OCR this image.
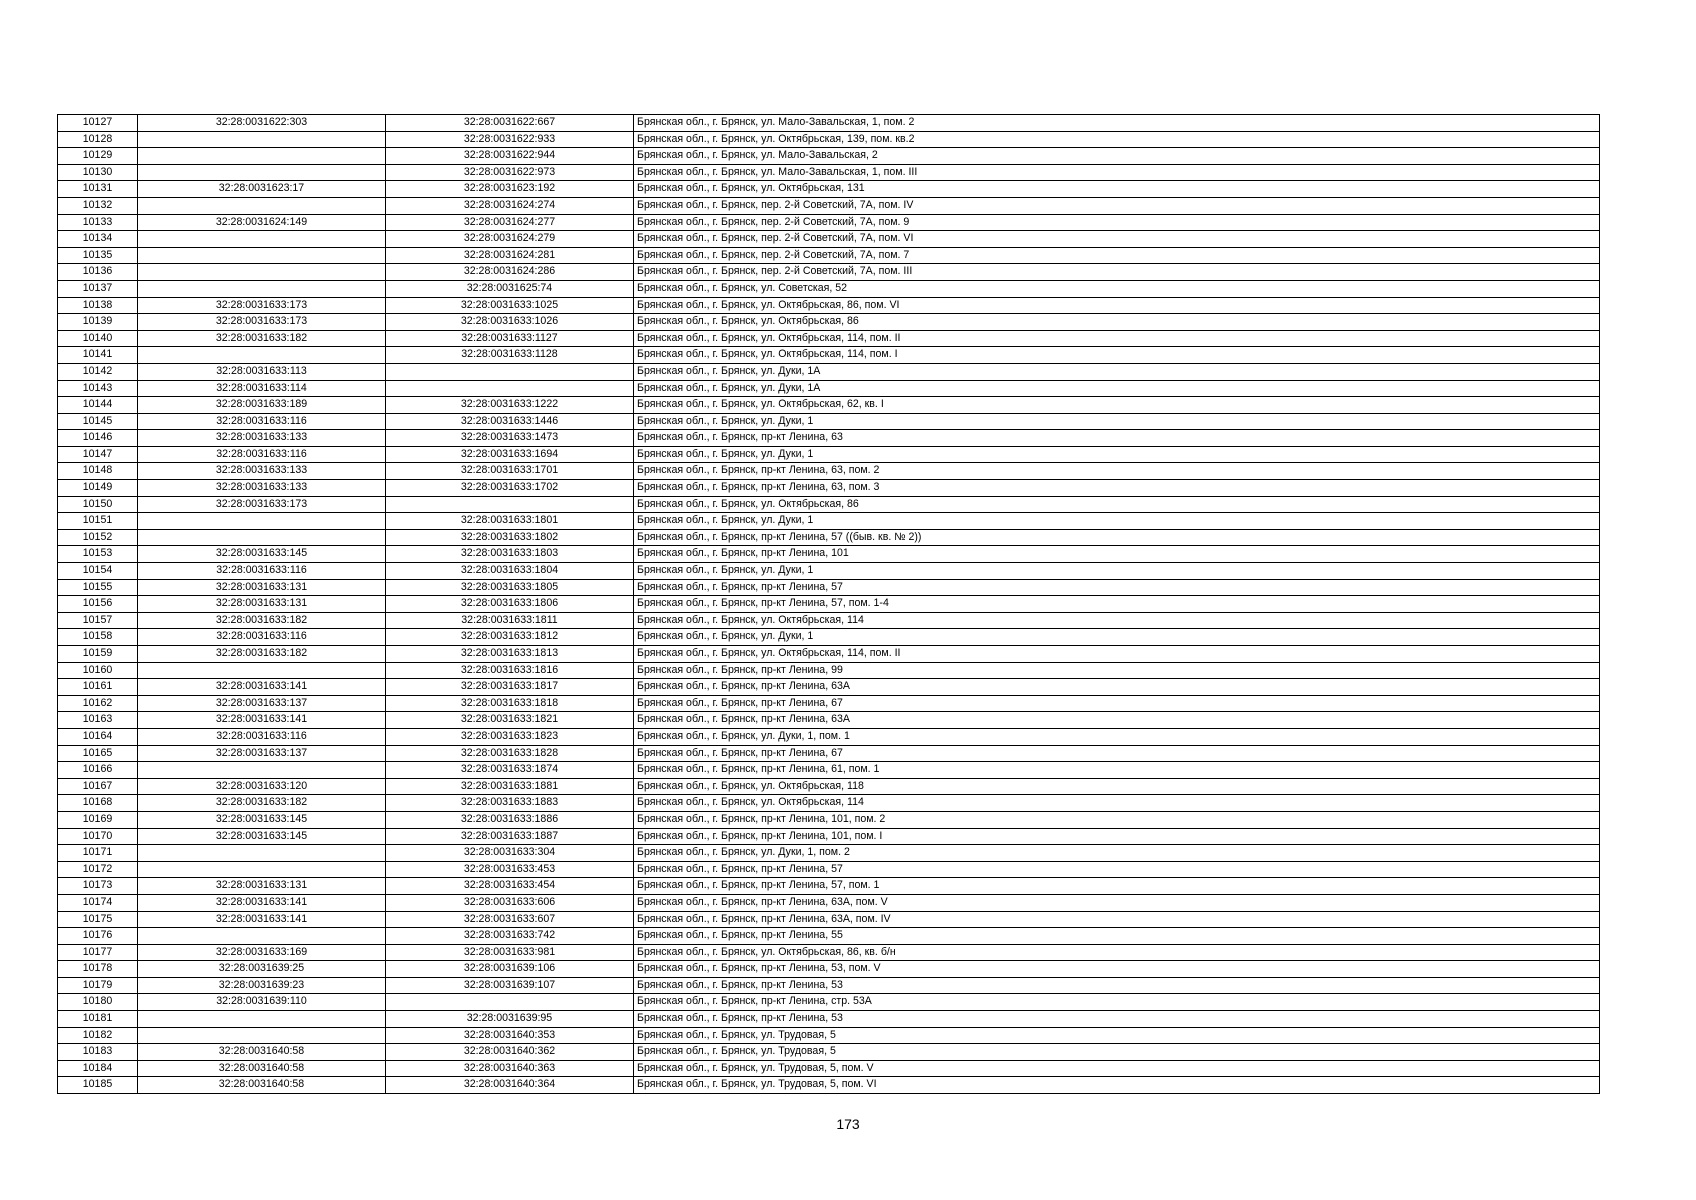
10127	32:28:0031622:303	32:28:0031622:667	Брянская обл., г. Брянск, ул. Мало-Завальская, 1, пом. 2
10128		32:28:0031622:933	Брянская обл., г. Брянск, ул. Октябрьская, 139, пом. кв.2
10129		32:28:0031622:944	Брянская обл., г. Брянск, ул. Мало-Завальская, 2
10130		32:28:0031622:973	Брянская обл., г. Брянск, ул. Мало-Завальская, 1, пом. III
10131	32:28:0031623:17	32:28:0031623:192	Брянская обл., г. Брянск, ул. Октябрьская, 131
10132		32:28:0031624:274	Брянская обл., г. Брянск, пер. 2-й Советский, 7А, пом. IV
10133	32:28:0031624:149	32:28:0031624:277	Брянская обл., г. Брянск, пер. 2-й Советский, 7А, пом. 9
10134		32:28:0031624:279	Брянская обл., г. Брянск, пер. 2-й Советский, 7А, пом. VI
10135		32:28:0031624:281	Брянская обл., г. Брянск, пер. 2-й Советский, 7А, пом. 7
10136		32:28:0031624:286	Брянская обл., г. Брянск, пер. 2-й Советский, 7А, пом. III
10137		32:28:0031625:74	Брянская обл., г. Брянск, ул. Советская, 52
10138	32:28:0031633:173	32:28:0031633:1025	Брянская обл., г. Брянск, ул. Октябрьская, 86, пом. VI
10139	32:28:0031633:173	32:28:0031633:1026	Брянская обл., г. Брянск, ул. Октябрьская, 86
10140	32:28:0031633:182	32:28:0031633:1127	Брянская обл., г. Брянск, ул. Октябрьская, 114, пом. II
10141		32:28:0031633:1128	Брянская обл., г. Брянск, ул. Октябрьская, 114, пом. I
10142	32:28:0031633:113		Брянская обл., г. Брянск, ул. Дуки, 1А
10143	32:28:0031633:114		Брянская обл., г. Брянск, ул. Дуки, 1А
10144	32:28:0031633:189	32:28:0031633:1222	Брянская обл., г. Брянск, ул. Октябрьская, 62, кв. I
10145	32:28:0031633:116	32:28:0031633:1446	Брянская обл., г. Брянск, ул. Дуки, 1
10146	32:28:0031633:133	32:28:0031633:1473	Брянская обл., г. Брянск, пр-кт Ленина, 63
10147	32:28:0031633:116	32:28:0031633:1694	Брянская обл., г. Брянск, ул. Дуки, 1
10148	32:28:0031633:133	32:28:0031633:1701	Брянская обл., г. Брянск, пр-кт Ленина, 63, пом. 2
10149	32:28:0031633:133	32:28:0031633:1702	Брянская обл., г. Брянск, пр-кт Ленина, 63, пом. 3
10150	32:28:0031633:173		Брянская обл., г. Брянск, ул. Октябрьская, 86
10151		32:28:0031633:1801	Брянская обл., г. Брянск, ул. Дуки, 1
10152		32:28:0031633:1802	Брянская обл., г. Брянск, пр-кт Ленина, 57 ((быв. кв. № 2))
10153	32:28:0031633:145	32:28:0031633:1803	Брянская обл., г. Брянск, пр-кт Ленина, 101
10154	32:28:0031633:116	32:28:0031633:1804	Брянская обл., г. Брянск, ул. Дуки, 1
10155	32:28:0031633:131	32:28:0031633:1805	Брянская обл., г. Брянск, пр-кт Ленина, 57
10156	32:28:0031633:131	32:28:0031633:1806	Брянская обл., г. Брянск, пр-кт Ленина, 57, пом. 1-4
10157	32:28:0031633:182	32:28:0031633:1811	Брянская обл., г. Брянск, ул. Октябрьская, 114
10158	32:28:0031633:116	32:28:0031633:1812	Брянская обл., г. Брянск, ул. Дуки, 1
10159	32:28:0031633:182	32:28:0031633:1813	Брянская обл., г. Брянск, ул. Октябрьская, 114, пом. II
10160		32:28:0031633:1816	Брянская обл., г. Брянск, пр-кт Ленина, 99
10161	32:28:0031633:141	32:28:0031633:1817	Брянская обл., г. Брянск, пр-кт Ленина, 63А
10162	32:28:0031633:137	32:28:0031633:1818	Брянская обл., г. Брянск, пр-кт Ленина, 67
10163	32:28:0031633:141	32:28:0031633:1821	Брянская обл., г. Брянск, пр-кт Ленина, 63А
10164	32:28:0031633:116	32:28:0031633:1823	Брянская обл., г. Брянск, ул. Дуки, 1, пом. 1
10165	32:28:0031633:137	32:28:0031633:1828	Брянская обл., г. Брянск, пр-кт Ленина, 67
10166		32:28:0031633:1874	Брянская обл., г. Брянск, пр-кт Ленина, 61, пом. 1
10167	32:28:0031633:120	32:28:0031633:1881	Брянская обл., г. Брянск, ул. Октябрьская, 118
10168	32:28:0031633:182	32:28:0031633:1883	Брянская обл., г. Брянск, ул. Октябрьская, 114
10169	32:28:0031633:145	32:28:0031633:1886	Брянская обл., г. Брянск, пр-кт Ленина, 101, пом. 2
10170	32:28:0031633:145	32:28:0031633:1887	Брянская обл., г. Брянск, пр-кт Ленина, 101, пом. I
10171		32:28:0031633:304	Брянская обл., г. Брянск, ул. Дуки, 1, пом. 2
10172		32:28:0031633:453	Брянская обл., г. Брянск, пр-кт Ленина, 57
10173	32:28:0031633:131	32:28:0031633:454	Брянская обл., г. Брянск, пр-кт Ленина, 57, пом. 1
10174	32:28:0031633:141	32:28:0031633:606	Брянская обл., г. Брянск, пр-кт Ленина, 63А, пом. V
10175	32:28:0031633:141	32:28:0031633:607	Брянская обл., г. Брянск, пр-кт Ленина, 63А, пом. IV
10176		32:28:0031633:742	Брянская обл., г. Брянск, пр-кт Ленина, 55
10177	32:28:0031633:169	32:28:0031633:981	Брянская обл., г. Брянск, ул. Октябрьская, 86, кв. б/н
10178	32:28:0031639:25	32:28:0031639:106	Брянская обл., г. Брянск, пр-кт Ленина, 53, пом. V
10179	32:28:0031639:23	32:28:0031639:107	Брянская обл., г. Брянск, пр-кт Ленина, 53
10180	32:28:0031639:110		Брянская обл., г. Брянск, пр-кт Ленина, стр. 53А
10181		32:28:0031639:95	Брянская обл., г. Брянск, пр-кт Ленина, 53
10182		32:28:0031640:353	Брянская обл., г. Брянск, ул. Трудовая, 5
10183	32:28:0031640:58	32:28:0031640:362	Брянская обл., г. Брянск, ул. Трудовая, 5
10184	32:28:0031640:58	32:28:0031640:363	Брянская обл., г. Брянск, ул. Трудовая, 5, пом. V
10185	32:28:0031640:58	32:28:0031640:364	Брянская обл., г. Брянск, ул. Трудовая, 5, пом. VI
173
